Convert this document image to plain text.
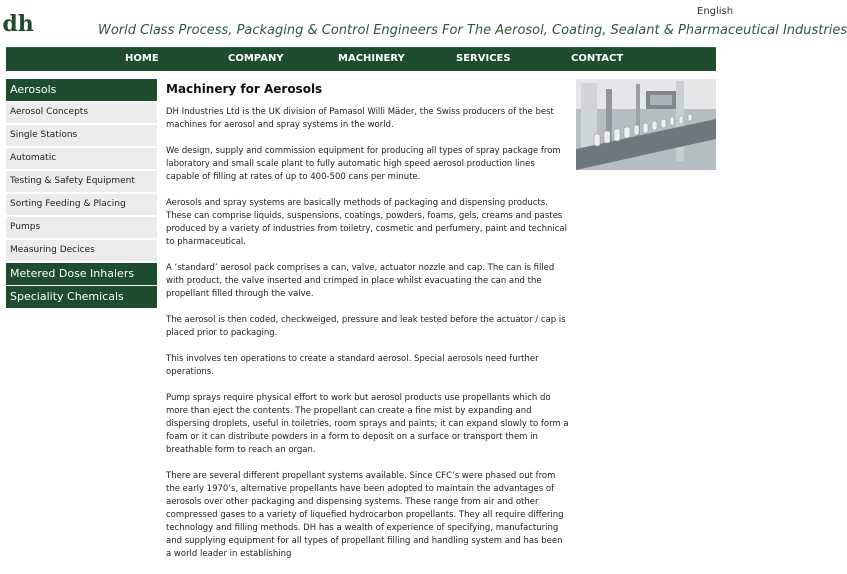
dh	English
World Class Process, Packaging & Control Engineers For The Aerosol, Coating, Sealant & Pharmaceutical Industries
HOME	COMPANY	MACHINERY	SERVICES	CONTACT
Aerosols
Aerosol Concepts
Single Stations
Automatic
Testing & Safety Equipment
Sorting Feeding & Placing
Pumps
Measuring Decices
Metered Dose Inhalers
Speciality Chemicals
Machinery for Aerosols

DH Industries Ltd is the UK division of Pamasol Willi Mäder, the Swiss producers of the best machines for aerosol and spray systems in the world.

We design, supply and commission equipment for producing all types of spray package from laboratory and small scale plant to fully automatic high speed aerosol production lines capable of filling at rates of up to 400-500 cans per minute.

Aerosols and spray systems are basically methods of packaging and dispensing products. These can comprise liquids, suspensions, coatings, powders, foams, gels, creams and pastes produced by a variety of industries from toiletry, cosmetic and perfumery, paint and technical to pharmaceutical.

A ‘standard’ aerosol pack comprises a can, valve, actuator nozzle and cap. The can is filled with product, the valve inserted and crimped in place whilst evacuating the can and the propellant filled through the valve.

The aerosol is then coded, checkweiged, pressure and leak tested before the actuator / cap is placed prior to packaging.

This involves ten operations to create a standard aerosol. Special aerosols need further operations.

Pump sprays require physical effort to work but aerosol products use propellants which do more than eject the contents. The propellant can create a fine mist by expanding and dispersing droplets, useful in toiletries, room sprays and paints; it can expand slowly to form a foam or it can distribute powders in a form to deposit on a surface or transport them in breathable form to reach an organ.

There are several different propellant systems available. Since CFC’s were phased out from the early 1970’s, alternative propellants have been adopted to maintain the advantages of aerosols over other packaging and dispensing systems. These range from air and other compressed gases to a variety of liquefied hydrocarbon propellants. They all require differing technology and filling methods. DH has a wealth of experience of specifying, manufacturing and supplying equipment for all types of propellant filling and handling system and has been a world leader in establishing
